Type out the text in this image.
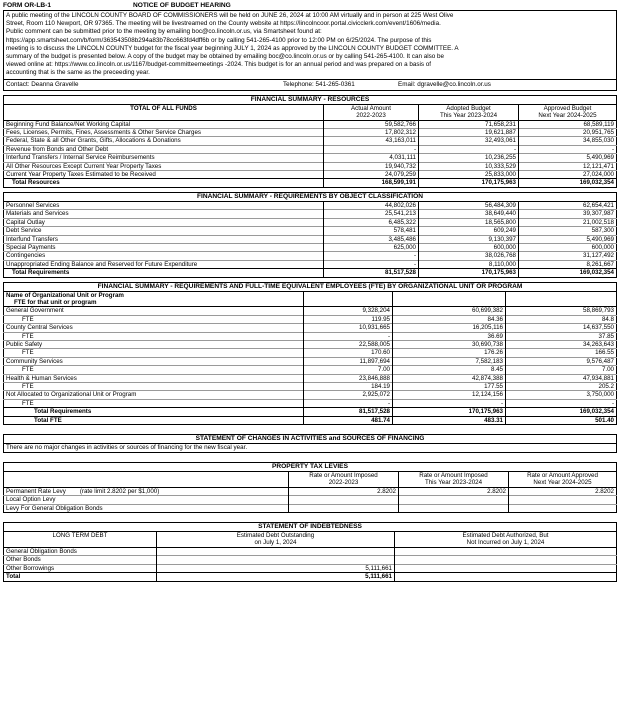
FORM OR-LB-1	NOTICE OF BUDGET HEARING

A public meeting of the LINCOLN COUNTY BOARD OF COMMISSIONERS will be held on JUNE 26, 2024 at 10:00 AM virtually and in person at 225 West Olive

Street, Room 110 Newport, OR 97365. The meeting will be livestreamed on the County website at https://lincolncoor.portal.civicclerk.com/event/1606/media.

Public comment can be submitted prior to the meeting by emailing boc@co.lincoln.or.us, via Smartsheet found at:

https://app.smartsheet.com/b/form/363543508b294a83b78cc663fd4dff6b or by calling 541-265-4100 prior to 12:00 PM on 6/25/2024. The purpose of this

meeting is to discuss the LINCOLN COUNTY budget for the fiscal year beginning JULY 1, 2024 as approved by the LINCOLN COUNTY BUDGET COMMITTEE. A

summary of the budget is presented below. A copy of the budget may be obtained by emailing boc@co.lincoln.or.us or by calling 541-265-4100. It can also be

viewed online at: https://www.co.lincoln.or.us/1167/budget-committeemeetings -2024. This budget is for an annual period and was prepared on a basis of

accounting that is the same as the preceeding year.

Contact: Deanna Gravelle	Telephone: 541-265-0361	Email: dgravelle@co.lincoln.or.us
FINANCIAL SUMMARY - RESOURCES
TOTAL OF ALL FUNDS	Actual Amount	Adopted Budget	Approved Budget
	2022-2023	This Year 2023-2024	Next Year 2024-2025
Beginning Fund Balance/Net Working Capital	59,582,766	71,658,231	68,589,119
Fees, Licenses, Permits, Fines, Assessments & Other Service Charges	17,802,312	19,621,887	20,951,765
Federal, State & all Other Grants, Gifts, Allocations & Donations	43,163,011	32,493,061	34,855,030
Revenue from Bonds and Other Debt	-	-	-
Interfund Transfers / Internal Service Reimbursements	4,031,111	10,236,255	5,490,969
All Other Resources Except Current Year Property Taxes	19,940,732	10,333,529	12,121,471
Current Year Property Taxes Estimated to be Received	24,079,259	25,833,000	27,024,000
Total Resources	168,599,191	170,175,963	169,032,354
FINANCIAL SUMMARY - REQUIREMENTS BY OBJECT CLASSIFICATION
Personnel Services	44,802,026	56,484,309	62,654,421
Materials and Services	25,541,213	38,649,440	39,307,987
Capital Outlay	6,485,322	18,565,800	21,002,518
Debt Service	578,481	609,249	587,300
Interfund Transfers	3,485,486	9,130,397	5,490,969
Special Payments	625,000	600,000	600,000
Contingencies	-	38,026,768	31,127,492
Unappropriated Ending Balance and Reserved for Future Expenditure	-	8,110,000	8,261,667
Total Requirements	81,517,528	170,175,963	169,032,354
FINANCIAL SUMMARY - REQUIREMENTS AND FULL-TIME EQUIVALENT EMPLOYEES (FTE) BY ORGANIZATIONAL UNIT OR PROGRAM
Name of Organizational Unit or Program			
FTE for that unit or program			
General Government	9,328,204	60,699,382	58,869,793
FTE	119.95	84.36	84.8
County Central Services	10,931,665	16,205,116	14,637,550
FTE	-	36.69	37.85
Public Safety	22,588,005	30,690,738	34,263,643
FTE	170.60	176.26	166.55
Community Services	11,897,694	7,582,183	9,576,487
FTE	7.00	8.45	7.00
Health & Human Services	23,846,888	42,874,388	47,934,881
FTE	184.19	177.55	205.2
Not Allocated to Organizational Unit or Program	2,925,072	12,124,156	3,750,000
FTE	-	-	-
Total Requirements	81,517,528	170,175,963	169,032,354
Total FTE	481.74	483.31	501.40
STATEMENT OF CHANGES IN ACTIVITIES and SOURCES OF FINANCING
There are no major changes in activities or sources of financing for the new fiscal year.
PROPERTY TAX LEVIES
	Rate or Amount Imposed	Rate or Amount Imposed	Rate or Amount Approved
	2022-2023	This Year 2023-2024	Next Year 2024-2025
Permanent Rate Levy (rate limit 2.8202 per $1,000)	2.8202	2.8202	2.8202
Local Option Levy			
Levy For General Obligation Bonds			
STATEMENT OF INDEBTEDNESS
LONG TERM DEBT	Estimated Debt Outstanding	Estimated Debt Authorized, But
	on July 1, 2024	Not Incurred on July 1, 2024
General Obligation Bonds		
Other Bonds		
Other Borrowings	5,111,661	
Total	5,111,661	
